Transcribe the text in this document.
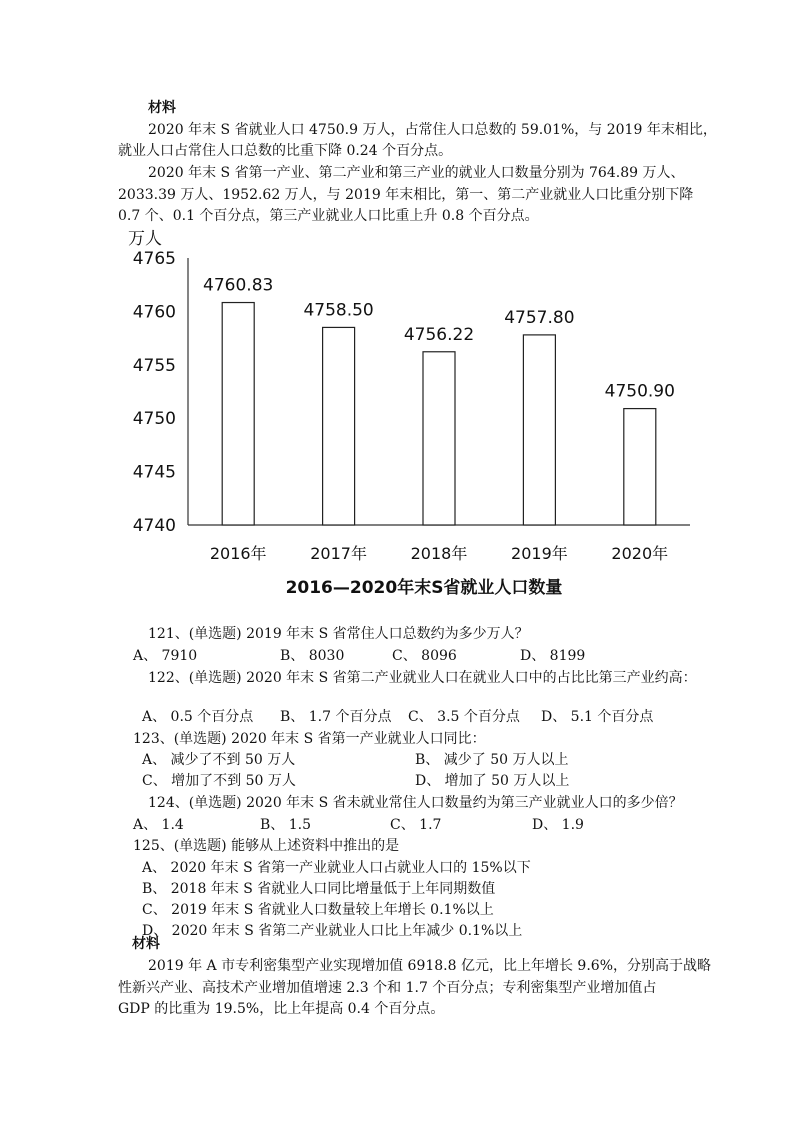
材料
2020 年末 S 省就业人口 4750.9 万人，占常住人口总数的 59.01%，与 2019 年末相比，
就业人口占常住人口总数的比重下降 0.24 个百分点。
2020 年末 S 省第一产业、第二产业和第三产业的就业人口数量分别为 764.89 万人、
2033.39 万人、1952.62 万人，与 2019 年末相比，第一、第二产业就业人口比重分别下降
0.7 个、0.1 个百分点，第三产业就业人口比重上升 0.8 个百分点。
万人
4765
4760
4755
4750
4745
4740
4760.83
2016年
4758.50
2017年
4756.22
2018年
4757.80
2019年
4750.90
2020年
2016—2020年末S省就业人口数量
121、(单选题) 2019 年末 S 省常住人口总数约为多少万人？
A、 7910	B、 8030	C、 8096	D、 8199
122、(单选题) 2020 年末 S 省第二产业就业人口在就业人口中的占比比第三产业约高：
A、 0.5 个百分点 B、 1.7 个百分点 C、 3.5 个百分点 D、 5.1 个百分点
123、(单选题) 2020 年末 S 省第一产业就业人口同比：
A、 减少了不到 50 万人	B、 减少了 50 万人以上
C、 增加了不到 50 万人	D、 增加了 50 万人以上
124、(单选题) 2020 年末 S 省未就业常住人口数量约为第三产业就业人口的多少倍？
A、 1.4	B、 1.5	C、 1.7	D、 1.9
125、(单选题) 能够从上述资料中推出的是
A、 2020 年末 S 省第一产业就业人口占就业人口的 15%以下
B、 2018 年末 S 省就业人口同比增量低于上年同期数值
C、 2019 年末 S 省就业人口数量较上年增长 0.1%以上
D、 2020 年末 S 省第二产业就业人口比上年减少 0.1%以上
材料
2019 年 A 市专利密集型产业实现增加值 6918.8 亿元，比上年增长 9.6%，分别高于战略
性新兴产业、高技术产业增加值增速 2.3 个和 1.7 个百分点；专利密集型产业增加值占
GDP 的比重为 19.5%，比上年提高 0.4 个百分点。
